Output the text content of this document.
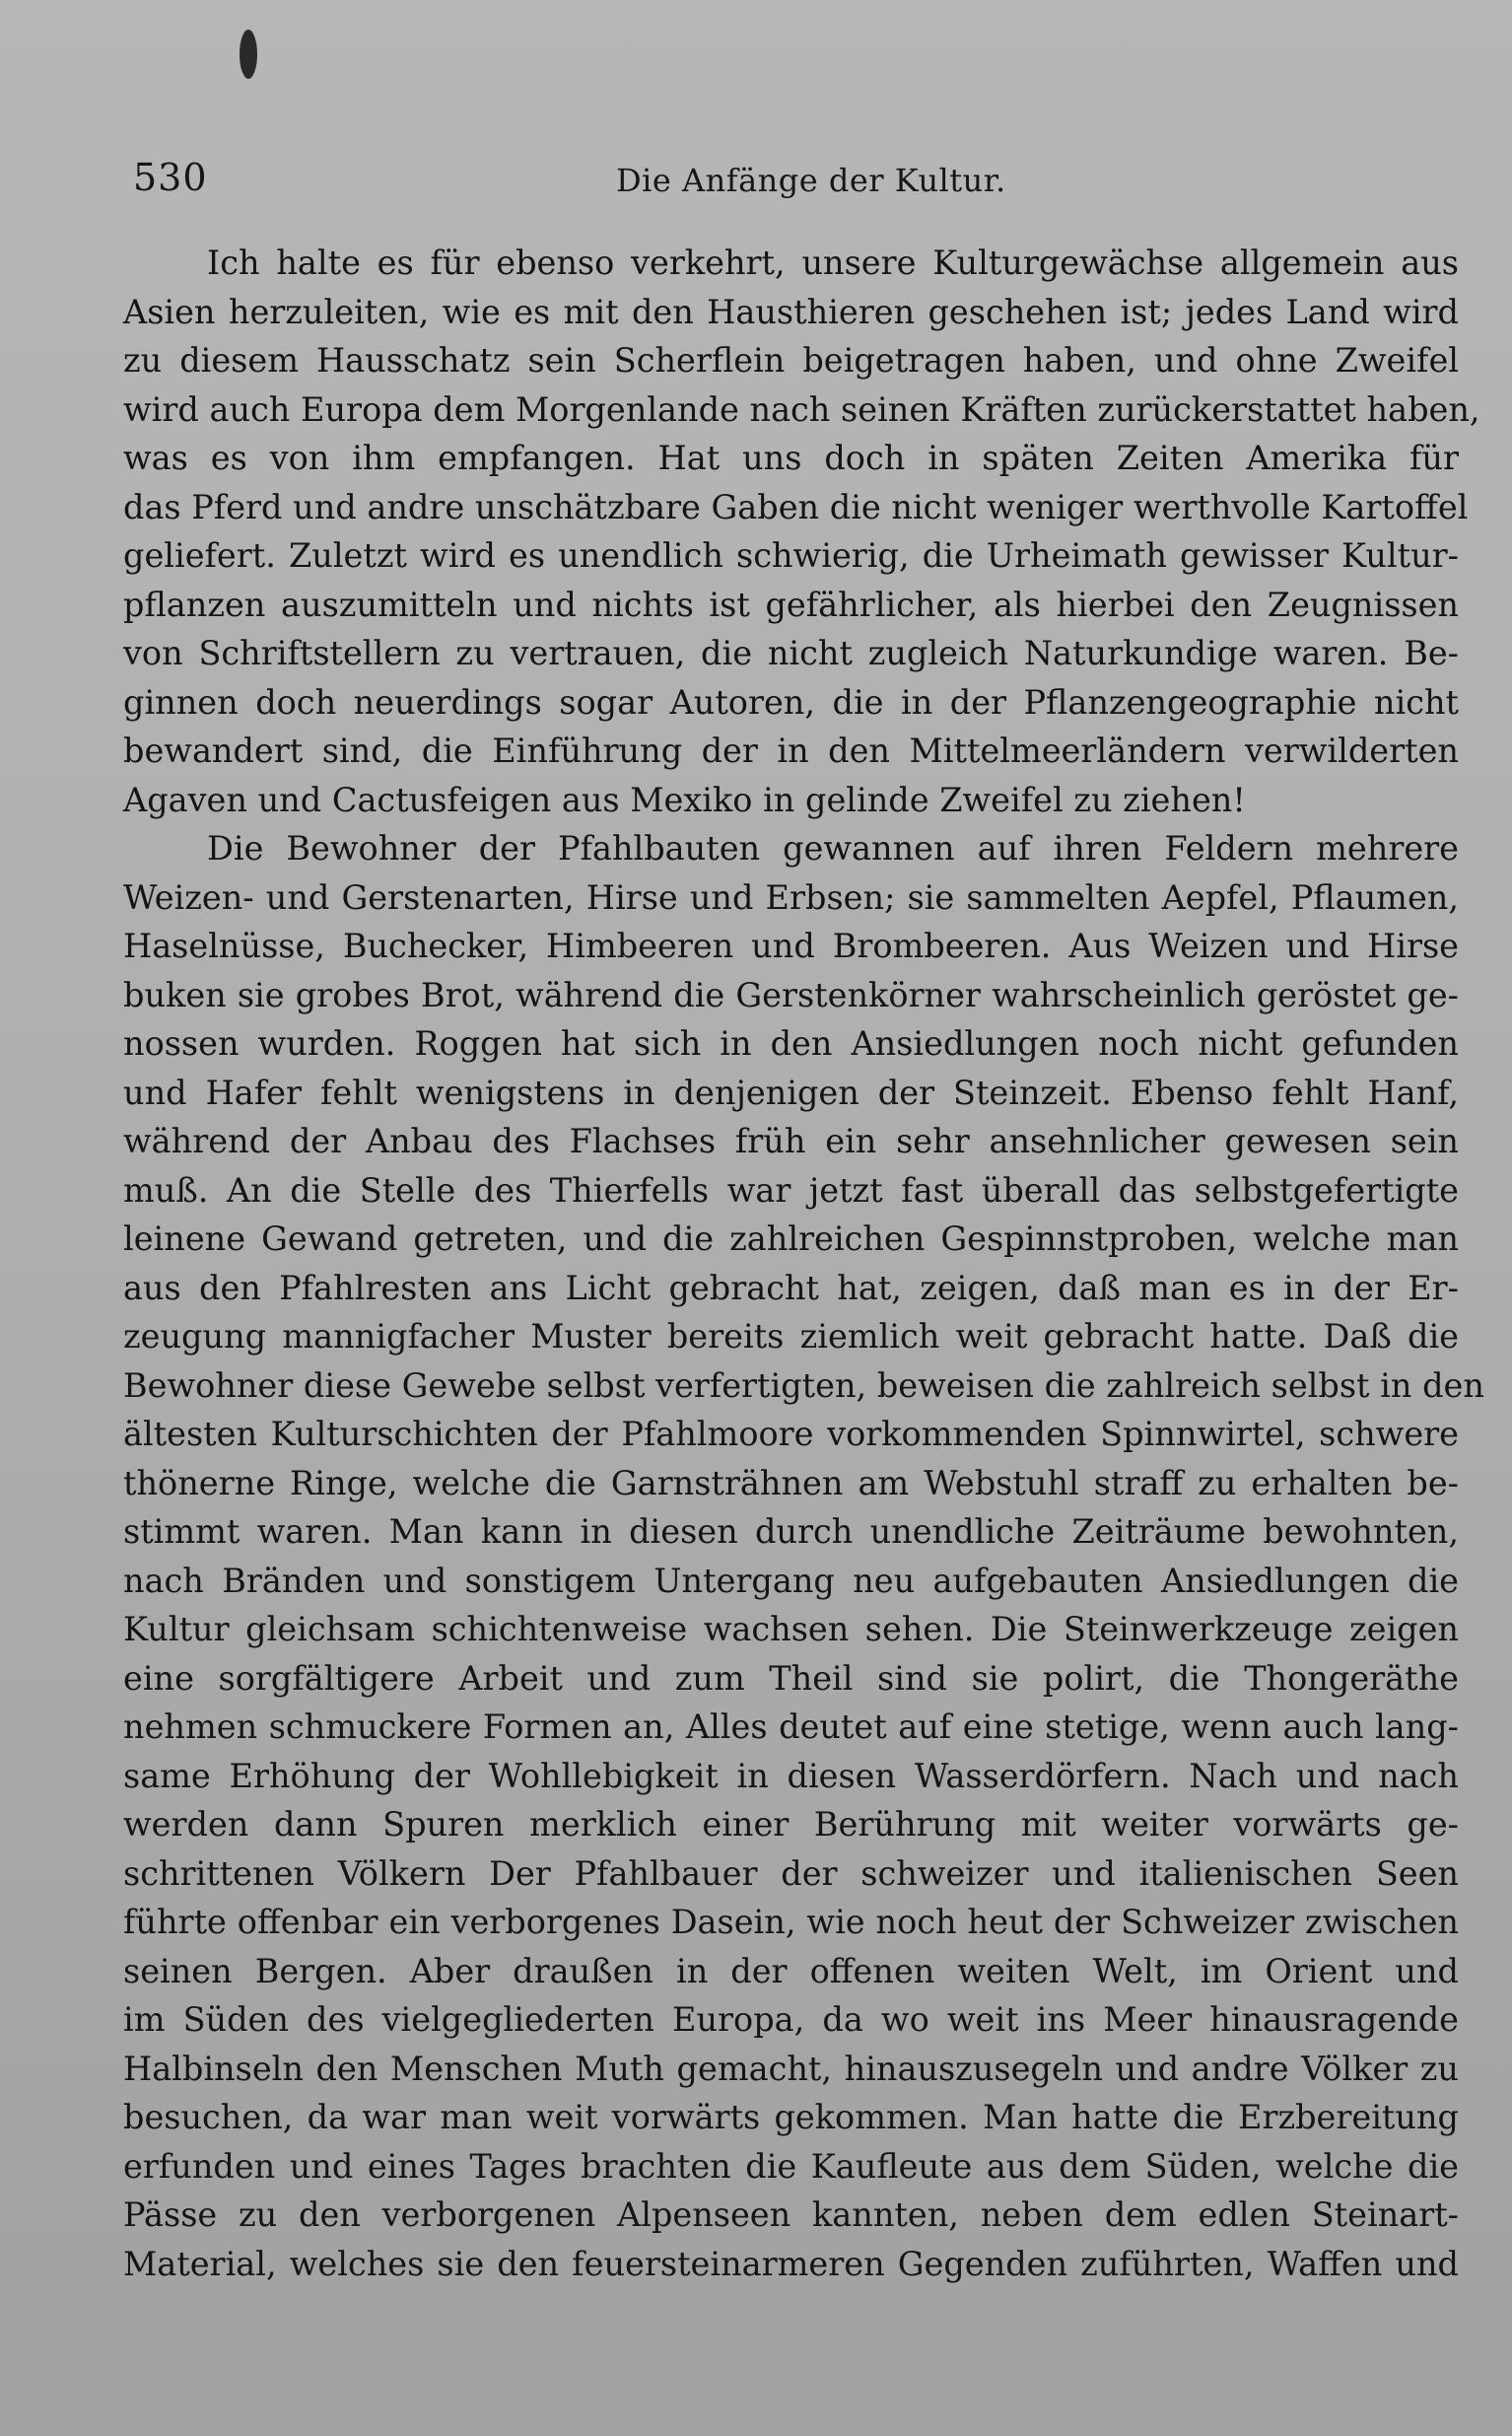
530	Die Anfänge der Kultur.
Ich halte es für ebenso verkehrt, unsere Kulturgewächse allgemein aus
Asien herzuleiten, wie es mit den Hausthieren geschehen ist; jedes Land wird
zu diesem Hausschatz sein Scherflein beigetragen haben, und ohne Zweifel
wird auch Europa dem Morgenlande nach seinen Kräften zurückerstattet haben,
was es von ihm empfangen. Hat uns doch in späten Zeiten Amerika für
das Pferd und andre unschätzbare Gaben die nicht weniger werthvolle Kartoffel
geliefert. Zuletzt wird es unendlich schwierig, die Urheimath gewisser Kultur-
pflanzen auszumitteln und nichts ist gefährlicher, als hierbei den Zeugnissen
von Schriftstellern zu vertrauen, die nicht zugleich Naturkundige waren. Be-
ginnen doch neuerdings sogar Autoren, die in der Pflanzengeographie nicht
bewandert sind, die Einführung der in den Mittelmeerländern verwilderten
Agaven und Cactusfeigen aus Mexiko in gelinde Zweifel zu ziehen!
Die Bewohner der Pfahlbauten gewannen auf ihren Feldern mehrere
Weizen- und Gerstenarten, Hirse und Erbsen; sie sammelten Aepfel, Pflaumen,
Haselnüsse, Buchecker, Himbeeren und Brombeeren. Aus Weizen und Hirse
buken sie grobes Brot, während die Gerstenkörner wahrscheinlich geröstet ge-
nossen wurden. Roggen hat sich in den Ansiedlungen noch nicht gefunden
und Hafer fehlt wenigstens in denjenigen der Steinzeit. Ebenso fehlt Hanf,
während der Anbau des Flachses früh ein sehr ansehnlicher gewesen sein
muß. An die Stelle des Thierfells war jetzt fast überall das selbstgefertigte
leinene Gewand getreten, und die zahlreichen Gespinnstproben, welche man
aus den Pfahlresten ans Licht gebracht hat, zeigen, daß man es in der Er-
zeugung mannigfacher Muster bereits ziemlich weit gebracht hatte. Daß die
Bewohner diese Gewebe selbst verfertigten, beweisen die zahlreich selbst in den
ältesten Kulturschichten der Pfahlmoore vorkommenden Spinnwirtel, schwere
thönerne Ringe, welche die Garnsträhnen am Webstuhl straff zu erhalten be-
stimmt waren. Man kann in diesen durch unendliche Zeiträume bewohnten,
nach Bränden und sonstigem Untergang neu aufgebauten Ansiedlungen die
Kultur gleichsam schichtenweise wachsen sehen. Die Steinwerkzeuge zeigen
eine sorgfältigere Arbeit und zum Theil sind sie polirt, die Thongeräthe
nehmen schmuckere Formen an, Alles deutet auf eine stetige, wenn auch lang-
same Erhöhung der Wohllebigkeit in diesen Wasserdörfern. Nach und nach
werden dann Spuren merklich einer Berührung mit weiter vorwärts ge-
schrittenen Völkern Der Pfahlbauer der schweizer und italienischen Seen
führte offenbar ein verborgenes Dasein, wie noch heut der Schweizer zwischen
seinen Bergen. Aber draußen in der offenen weiten Welt, im Orient und
im Süden des vielgegliederten Europa, da wo weit ins Meer hinausragende
Halbinseln den Menschen Muth gemacht, hinauszusegeln und andre Völker zu
besuchen, da war man weit vorwärts gekommen. Man hatte die Erzbereitung
erfunden und eines Tages brachten die Kaufleute aus dem Süden, welche die
Pässe zu den verborgenen Alpenseen kannten, neben dem edlen Steinart-
Material, welches sie den feuersteinarmeren Gegenden zuführten, Waffen und
